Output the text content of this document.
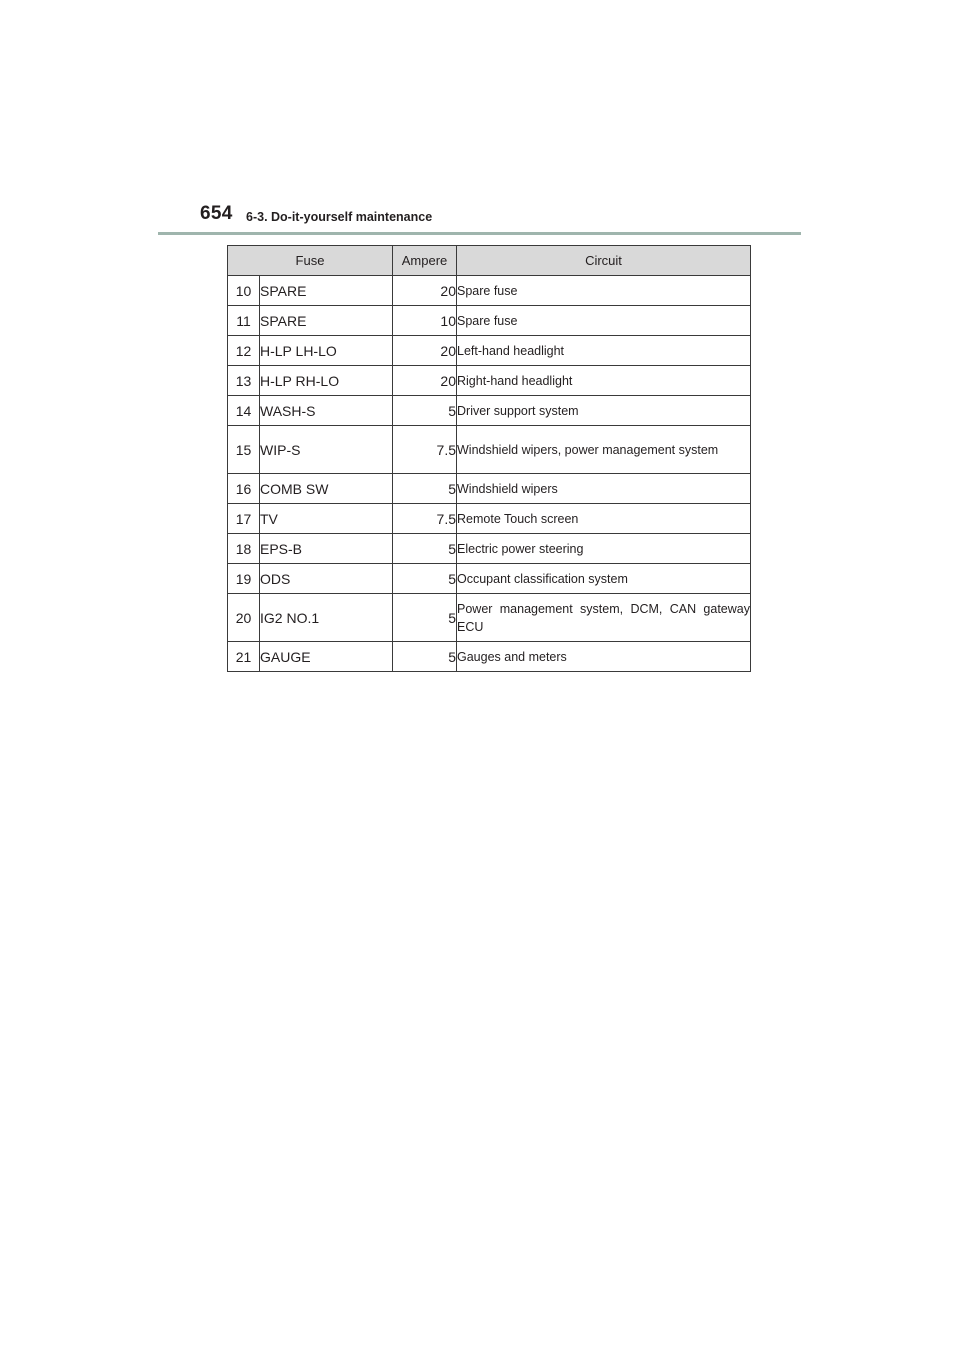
654 6-3. Do-it-yourself maintenance
Fuse		Ampere	Circuit
10	SPARE	20	Spare fuse
11	SPARE	10	Spare fuse
12	H-LP LH-LO	20	Left-hand headlight
13	H-LP RH-LO	20	Right-hand headlight
14	WASH-S	5	Driver support system
15	WIP-S	7.5	Windshield wipers, power management system
16	COMB SW	5	Windshield wipers
17	TV	7.5	Remote Touch screen
18	EPS-B	5	Electric power steering
19	ODS	5	Occupant classification system
20	IG2 NO.1	5	Power management system, DCM, CAN gateway ECU
21	GAUGE	5	Gauges and meters
